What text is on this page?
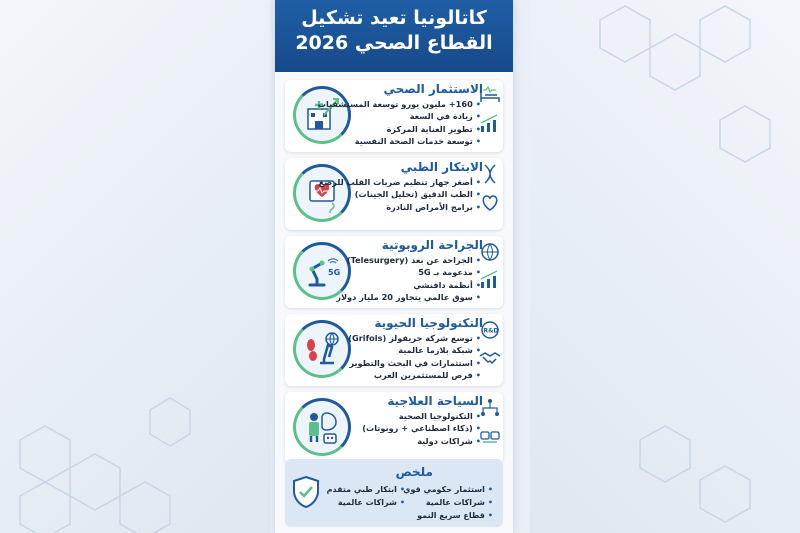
كاتالونيا تعيد تشكيل
القطاع الصحي 2026
الاستثمار الصحي
• 160+ مليون يورو توسعة المستشفيات
• زيادة في السعة
• تطوير العناية المركزة
• توسعة خدمات الصحة النفسية
الابتكار الطبي
• أصغر جهاز تنظيم ضربات القلب للرضع
• الطب الدقيق (تحليل الجينات)
• برامج الأمراض النادرة
5G
الجراحة الروبوتية
• الجراحة عن بعد (Telesurgery)
• مدعومة بـ 5G
• أنظمة دافنشي
• سوق عالمي يتجاوز 20 مليار دولار
التكنولوجيا الحيوية
• توسع شركة جريفولز (Grifols)
• شبكة بلازما عالمية
• استثمارات في البحث والتطوير
• فرص للمستثمرين العرب
R&D
السياحة العلاجية
• التكنولوجيا الصحية
• (ذكاء اصطناعي + روبوتات)
• شراكات دولية
ملخص
• استثمار حكومي قوي
• شراكات عالمية
• قطاع سريع النمو
• ابتكار طبي متقدم
• شراكات عالمية
